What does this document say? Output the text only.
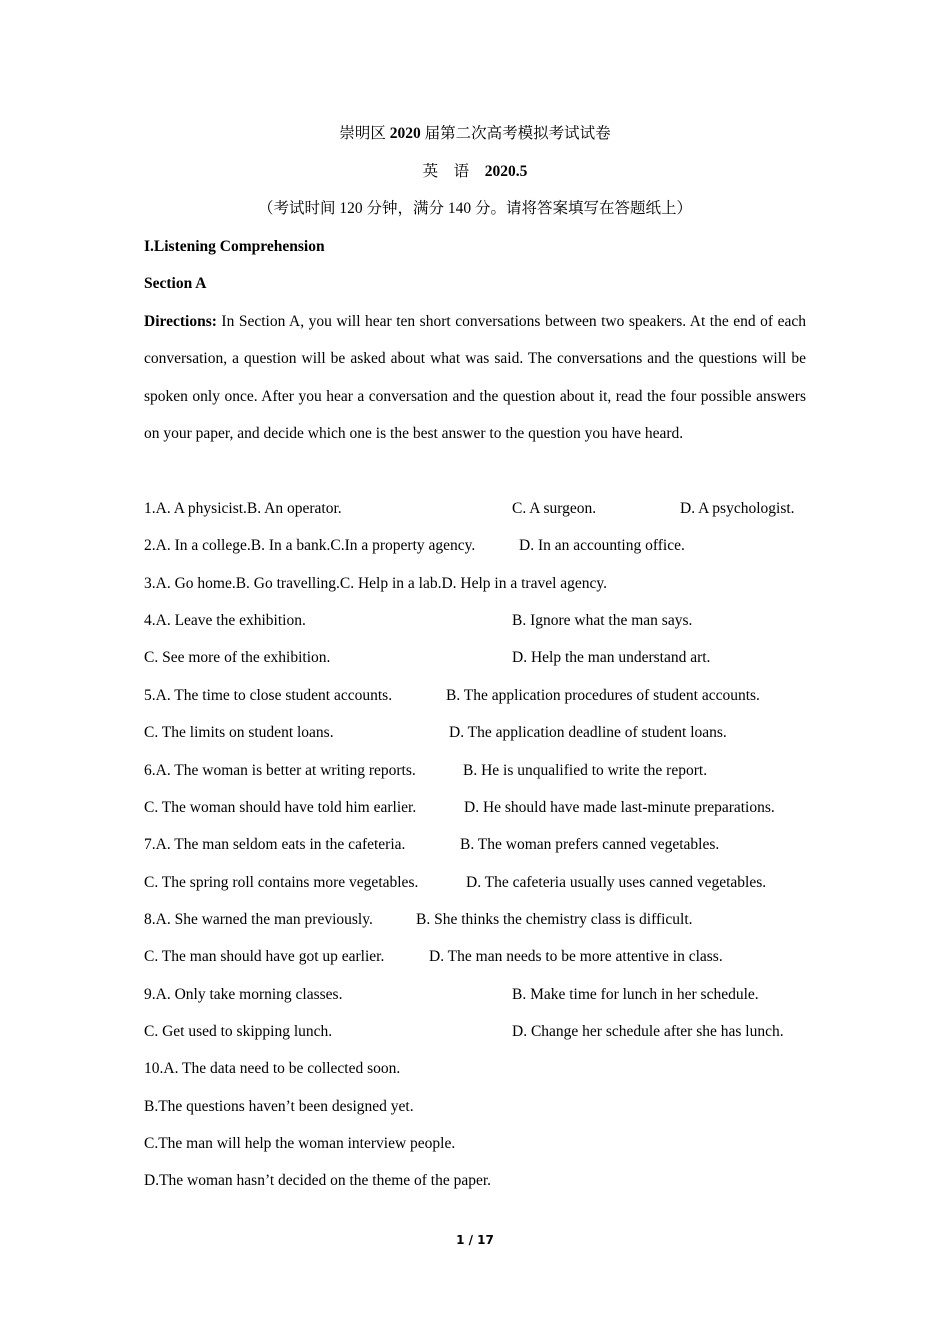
崇明区 2020 届第二次高考模拟考试试卷
英　语　2020.5
（考试时间 120 分钟，满分 140 分。请将答案填写在答题纸上）
I.Listening Comprehension
Section A
Directions: In Section A, you will hear ten short conversations between two speakers. At the end of each conversation, a question will be asked about what was said. The conversations and the questions will be spoken only once. After you hear a conversation and the question about it, read the four possible answers on your paper, and decide which one is the best answer to the question you have heard.
1.A. A physicist.B. An operator.	C. A surgeon.	D. A psychologist.
2.A. In a college.B. In a bank.C.In a property agency.	D. In an accounting office.
3.A. Go home.B. Go travelling.C. Help in a lab.D. Help in a travel agency.
4.A. Leave the exhibition.	B. Ignore what the man says.
C. See more of the exhibition.	D. Help the man understand art.
5.A. The time to close student accounts.	B. The application procedures of student accounts.
C. The limits on student loans.	D. The application deadline of student loans.
6.A. The woman is better at writing reports.	B. He is unqualified to write the report.
C. The woman should have told him earlier.	D. He should have made last-minute preparations.
7.A. The man seldom eats in the cafeteria.	B. The woman prefers canned vegetables.
C. The spring roll contains more vegetables.	D. The cafeteria usually uses canned vegetables.
8.A. She warned the man previously.	B. She thinks the chemistry class is difficult.
C. The man should have got up earlier.	D. The man needs to be more attentive in class.
9.A. Only take morning classes.	B. Make time for lunch in her schedule.
C. Get used to skipping lunch.	D. Change her schedule after she has lunch.
10.A. The data need to be collected soon.
B.The questions haven’t been designed yet.
C.The man will help the woman interview people.
D.The woman hasn’t decided on the theme of the paper.
1 / 17
